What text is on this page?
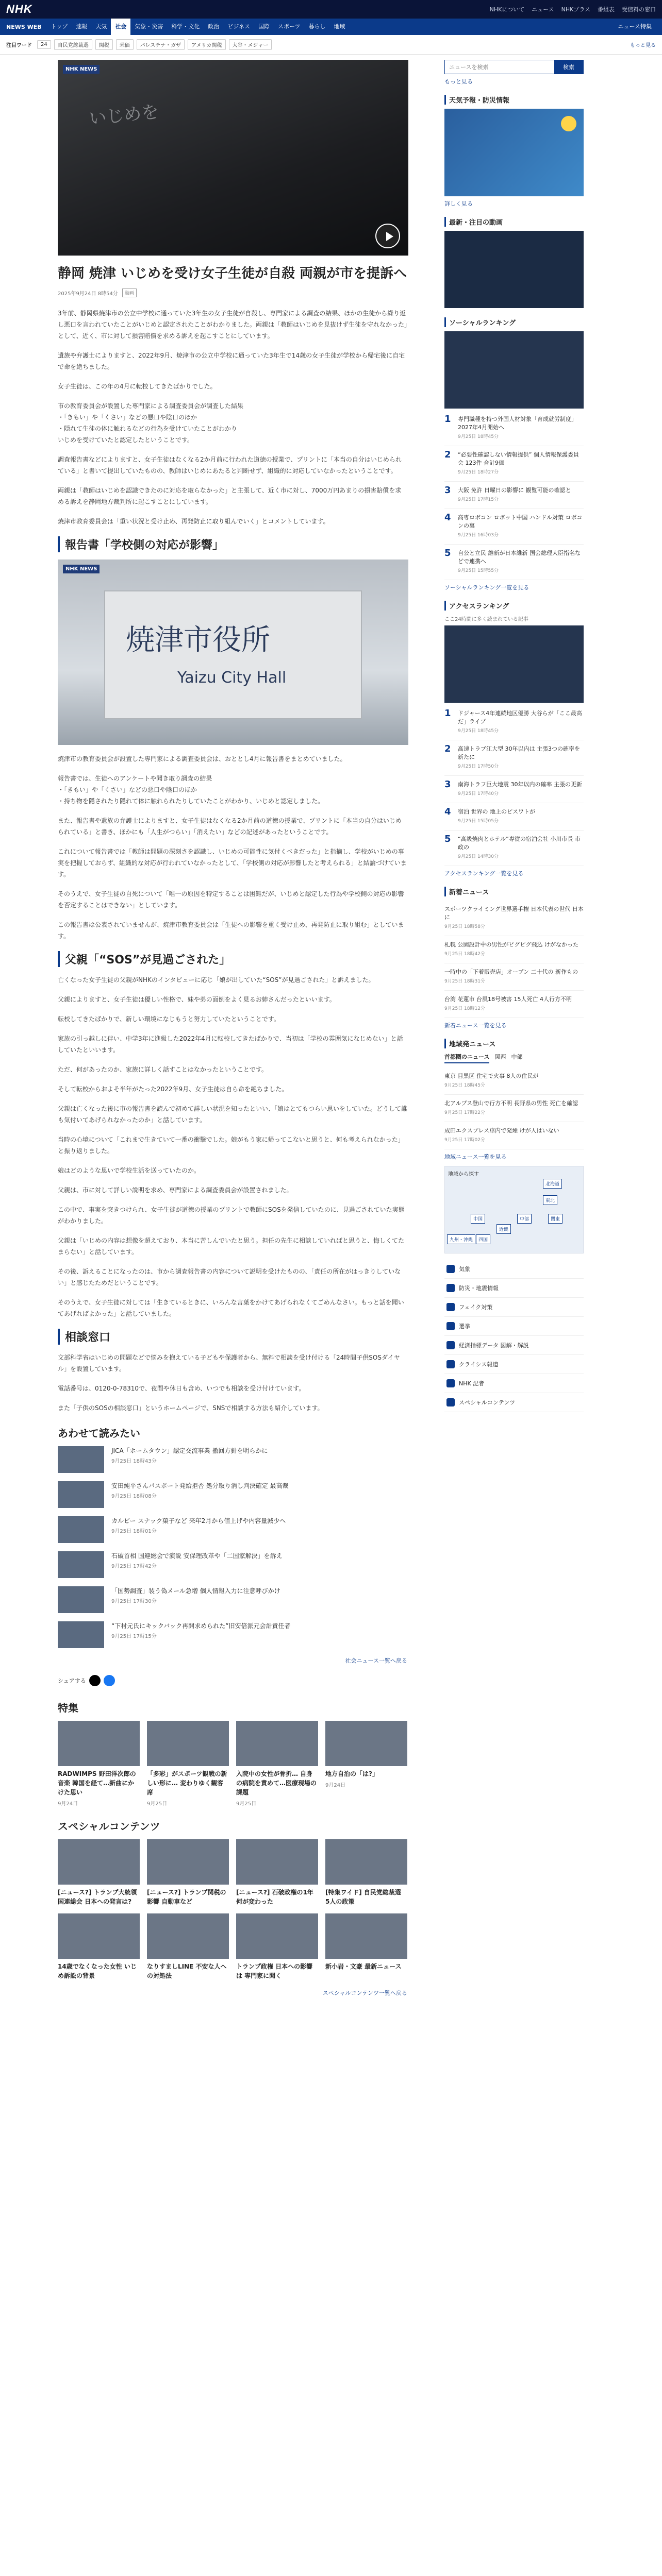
NHK	NHKについて ニュース NHKプラス 番組表 受信料の窓口
NEWS WEB	トップ	速報	天気	社会	気象・災害	科学・文化	政治	ビジネス	国際	スポーツ	暮らし	地域	ニュース特集
注目ワード	24	自民党総裁選	関税	米価	パレスチナ・ガザ	アメリカ関税	大谷・メジャー	もっと見る
NHK NEWS
いじめを
静岡 焼津 いじめを受け女子生徒が自殺 両親が市を提訴へ
2025年9月24日 8時54分	動画

3年前、静岡県焼津市の公立中学校に通っていた3年生の女子生徒が自殺し、専門家による調査の結果、ほかの生徒から繰り返し悪口を言われていたことがいじめと認定されたことがわかりました。両親は「教師はいじめを見抜けず生徒を守れなかった」として、近く、市に対して損害賠償を求める訴えを起こすことにしています。

遺族や弁護士によりますと、2022年9月、焼津市の公立中学校に通っていた3年生で14歳の女子生徒が学校から帰宅後に自宅で命を絶ちました。

女子生徒は、この年の4月に転校してきたばかりでした。

市の教育委員会が設置した専門家による調査委員会が調査した結果
・「きもい」や「くさい」などの悪口や陰口のほか
・隠れて生徒の体に触れるなどの行為を受けていたことがわかり
いじめを受けていたと認定したということです。

調査報告書などによりますと、女子生徒はなくなる2か月前に行われた道徳の授業で、プリントに「本当の自分はいじめられている」と書いて提出していたものの、教師はいじめにあたると判断せず、組織的に対応していなかったということです。

両親は「教師はいじめを認識できたのに対応を取らなかった」と主張して、近く市に対し、7000万円あまりの損害賠償を求める訴えを静岡地方裁判所に起こすことにしています。

焼津市教育委員会は「重い状況と受け止め、再発防止に取り組んでいく」とコメントしています。

報告書「学校側の対応が影響」
NHK NEWS
焼津市役所
Yaizu City Hall

焼津市の教育委員会が設置した専門家による調査委員会は、おととし4月に報告書をまとめていました。

報告書では、生徒へのアンケートや聞き取り調査の結果
・「きもい」や「くさい」などの悪口や陰口のほか
・持ち物を隠されたり隠れて体に触れられたりしていたことがわかり、いじめと認定しました。

また、報告書や遺族の弁護士によりますと、女子生徒はなくなる2か月前の道徳の授業で、プリントに「本当の自分はいじめられている」と書き、ほかにも「人生がつらい」「消えたい」などの記述があったということです。

これについて報告書では「教師は問題の深刻さを認識し、いじめの可能性に気付くべきだった」と指摘し、学校がいじめの事実を把握しておらず、組織的な対応が行われていなかったとして、「学校側の対応が影響したと考えられる」と結論づけています。

そのうえで、女子生徒の自死について「唯一の原因を特定することは困難だが、いじめと認定した行為や学校側の対応の影響を否定することはできない」としています。

この報告書は公表されていませんが、焼津市教育委員会は「生徒への影響を重く受け止め、再発防止に取り組む」としています。

父親「“SOS”が見過ごされた」

亡くなった女子生徒の父親がNHKのインタビューに応じ「娘が出していた“SOS”が見過ごされた」と訴えました。

父親によりますと、女子生徒は優しい性格で、妹や弟の面倒をよく見るお姉さんだったといいます。

転校してきたばかりで、新しい環境になじもうと努力していたということです。

家族の引っ越しに伴い、中学3年に進級した2022年4月に転校してきたばかりで、当初は「学校の雰囲気になじめない」と話していたといいます。

ただ、何があったのか、家族に詳しく話すことはなかったということです。

そして転校からおよそ半年がたった2022年9月、女子生徒は自ら命を絶ちました。

父親は亡くなった後に市の報告書を読んで初めて詳しい状況を知ったといい、「娘はとてもつらい思いをしていた。どうして誰も気付いてあげられなかったのか」と話しています。

当時の心境について「これまで生きていて一番の衝撃でした。娘がもう家に帰ってこないと思うと、何も考えられなかった」と振り返りました。

娘はどのような思いで学校生活を送っていたのか。

父親は、市に対して詳しい説明を求め、専門家による調査委員会が設置されました。

この中で、事実を突きつけられ、女子生徒が道徳の授業のプリントで教師にSOSを発信していたのに、見過ごされていた実態がわかりました。

父親は「いじめの内容は想像を超えており、本当に苦しんでいたと思う。担任の先生に相談していればと思うと、悔しくてたまらない」と話しています。

その後、訴えることになったのは、市から調査報告書の内容について説明を受けたものの、「責任の所在がはっきりしていない」と感じたためだということです。

そのうえで、女子生徒に対しては「生きているときに、いろんな言葉をかけてあげられなくてごめんなさい。もっと話を聞いてあげればよかった」と話していました。

相談窓口

文部科学省はいじめの問題などで悩みを抱えている子どもや保護者から、無料で相談を受け付ける「24時間子供SOSダイヤル」を設置しています。

電話番号は、0120-0-78310で、夜間や休日も含め、いつでも相談を受け付けています。

また「子供のSOSの相談窓口」というホームページで、SNSで相談する方法も紹介しています。

あわせて読みたい
JICA「ホームタウン」認定交流事業 撤回方針を明らかに
9月25日 18時43分
安田純平さんパスポート発給拒否 処分取り消し判決確定 最高裁
9月25日 18時08分
カルビー スナック菓子など 来年2月から値上げや内容量減少へ
9月25日 18時01分
石破首相 国連総会で演説 安保理改革や「二国家解決」を訴え
9月25日 17時42分
「国勢調査」装う偽メール急増 個人情報入力に注意呼びかけ
9月25日 17時30分
“下村元氏にキックバック再開求められた”旧安倍派元会計責任者
9月25日 17時15分
社会ニュース一覧へ戻る
シェアする
特集
RADWIMPS 野田洋次郎の音楽 韓国を経て…新曲にかけた思い
9月24日
「多彩」がスポーツ観戦の新しい形に… 変わりゆく観客席
9月25日
入院中の女性が骨折… 自身の病院を責めて…医療現場の課題
9月25日
地方自治の「は?」
9月24日
スペシャルコンテンツ
[ニュース?] トランプ大統領 国連総会 日本への発言は?
[ニュース?] トランプ関税の影響 自動車など
[ニュース?] 石破政権の1年 何が変わった
[特集ワイド] 自民党総裁選 5人の政策
14歳でなくなった女性 いじめ訴訟の背景
なりすましLINE 不安な人への対処法
トランプ政権 日本への影響は 専門家に聞く
新小岩・文豪 最新ニュース
スペシャルコンテンツ一覧へ戻る
ニュースを検索
検索
もっと見る
天気予報・防災情報
詳しく見る
最新・注目の動画
ソーシャルランキング
1	専門職種を持つ外国人材対象「育成就労制度」2027年4月開始へ
9月25日 18時45分
2	“必要性確認しない情報提供” 個人情報保護委員会 123件 合計9億
9月25日 18時27分
3	大阪 免許 日曜日の影響に 観覧可能の確認と
9月25日 17時15分
4	高専ロボコン ロボット中国 ハンドル対策 ロボコンの裏
9月25日 16時03分
5	自公と立民 維新が日本維新 国会総理大臣指名などで連携へ
9月25日 15時55分
ソーシャルランキング一覧を見る
アクセスランキング
ここ24時間に多く読まれている記事
1	ドジャース4年連続地区優勝 大谷らが「ここ最高だ」ライブ
9月25日 18時45分
2	高速トラブ江大型 30年以内は 主張3つの確率を新たに
9月25日 17時50分
3	南海トラフ巨大地震 30年以内の確率 主張の更新
9月25日 17時40分
4	宿泊 世界の 地上のピスワトが
9月25日 15時05分
5	“高級焼肉とホテル”専従の宿泊会社 小川市長 市政の
9月25日 14時30分
アクセスランキング一覧を見る
新着ニュース
スポーツクライミング世界選手権 日本代表の世代 日本に
9月25日 18時58分
札幌 公園設計中の男性がピグピグ飛込 けがなかった
9月25日 18時42分
一時中の「下着販売店」オープン 二十代の 新作もの
9月25日 18時31分
台湾 花蓮市 台風18号被害 15人死亡 4人行方不明
9月25日 18時12分
新着ニュース一覧を見る
地域発ニュース
首都圏のニュース 関西 中部
東京 目黒区 住宅で火事 8人の住民が
9月25日 18時45分
北アルプス登山で行方不明 長野県の男性 死亡を確認
9月25日 17時22分
成田エクスプレス車内で発煙 けが人はいない
9月25日 17時02分
地域ニュース一覧を見る
地域から探す
北海道
東北
関東
中部
近畿
中国
四国
九州・沖縄
気象
防災・地震情報
フェイク対策
選挙
経済指標データ 図解・解説
クライシス報道
NHK 記者
スペシャルコンテンツ
